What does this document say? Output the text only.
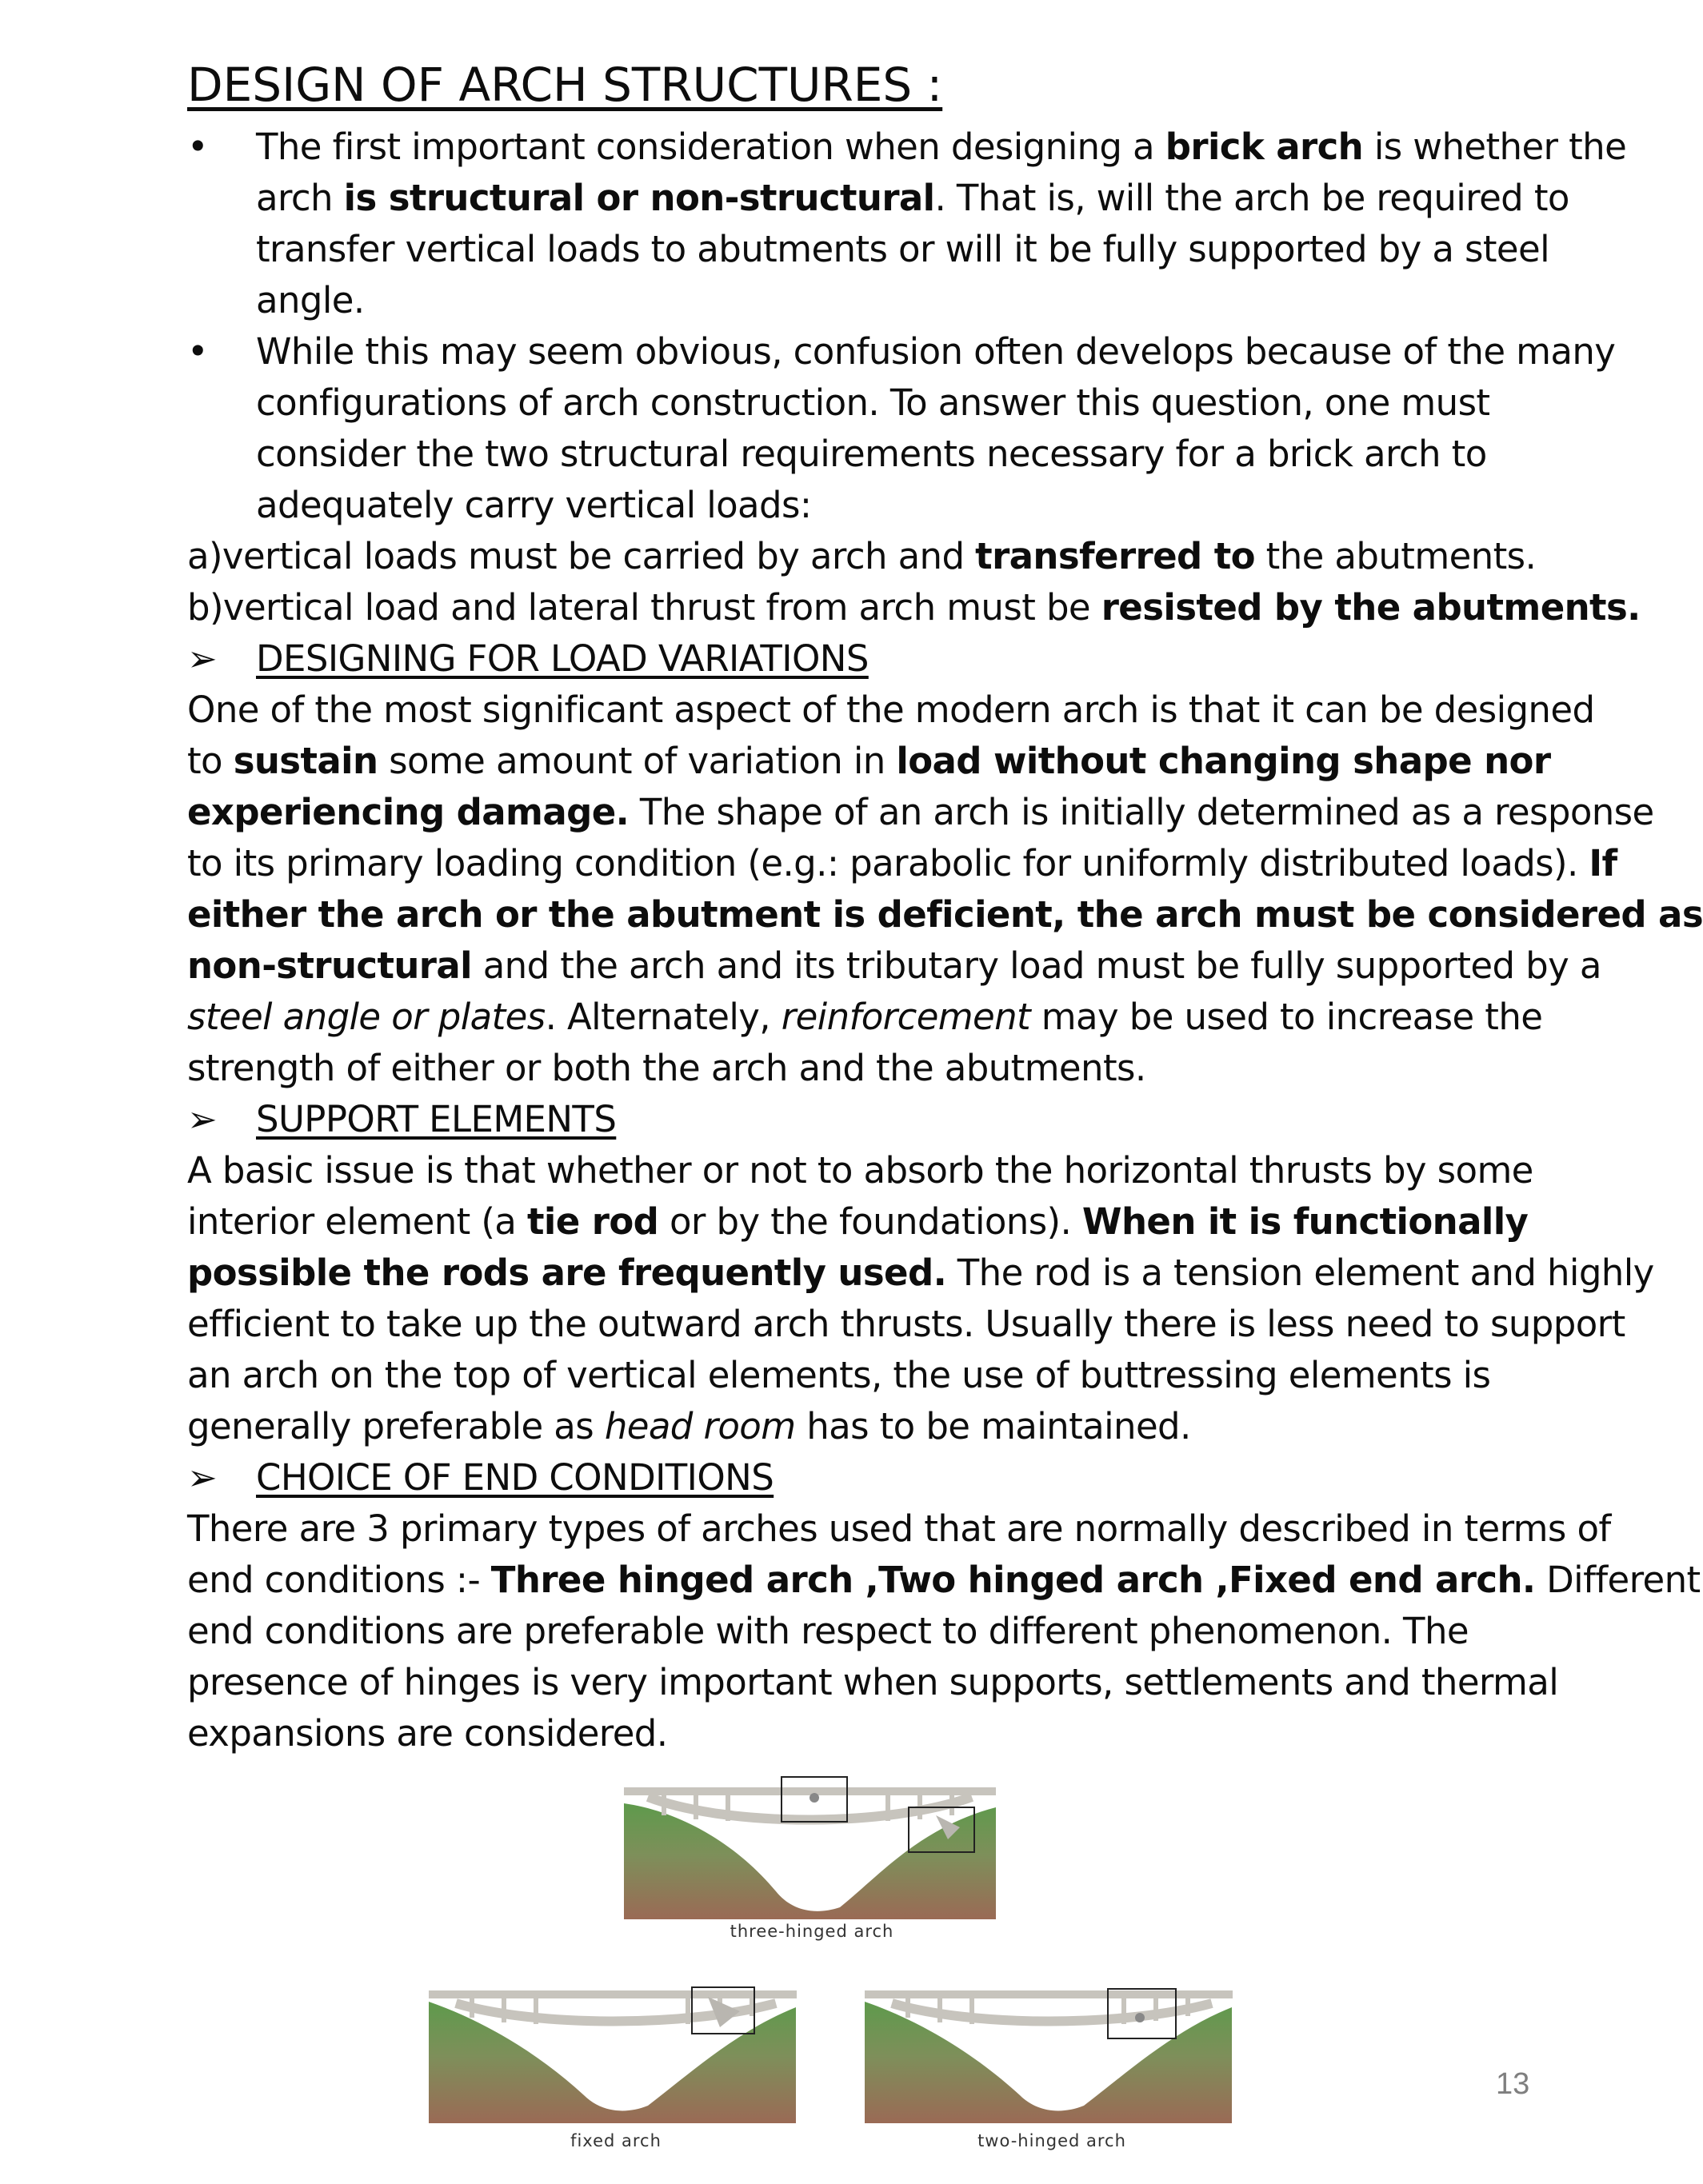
DESIGN OF ARCH STRUCTURES :
•	The first important consideration when designing a brick arch is whether the
arch is structural or non-structural. That is, will the arch be required to
transfer vertical loads to abutments or will it be fully supported by a steel
angle.
•	While this may seem obvious, confusion often develops because of the many
configurations of arch construction. To answer this question, one must
consider the two structural requirements necessary for a brick arch to
adequately carry vertical loads:
a)vertical loads must be carried by arch and transferred to the abutments.
b)vertical load and lateral thrust from arch must be resisted by the abutments.
➢ DESIGNING FOR LOAD VARIATIONS
One of the most significant aspect of the modern arch is that it can be designed
to sustain some amount of variation in load without changing shape nor
experiencing damage. The shape of an arch is initially determined as a response
to its primary loading condition (e.g.: parabolic for uniformly distributed loads). If
either the arch or the abutment is deficient, the arch must be considered as
non-structural and the arch and its tributary load must be fully supported by a
steel angle or plates. Alternately, reinforcement may be used to increase the
strength of either or both the arch and the abutments.
➢ SUPPORT ELEMENTS
A basic issue is that whether or not to absorb the horizontal thrusts by some
interior element (a tie rod or by the foundations). When it is functionally
possible the rods are frequently used. The rod is a tension element and highly
efficient to take up the outward arch thrusts. Usually there is less need to support
an arch on the top of vertical elements, the use of buttressing elements is
generally preferable as head room has to be maintained.
➢ CHOICE OF END CONDITIONS
There are 3 primary types of arches used that are normally described in terms of
end conditions :- Three hinged arch ,Two hinged arch ,Fixed end arch. Different
end conditions are preferable with respect to different phenomenon. The
presence of hinges is very important when supports, settlements and thermal
expansions are considered.
three-hinged arch
fixed arch	two-hinged arch
13
